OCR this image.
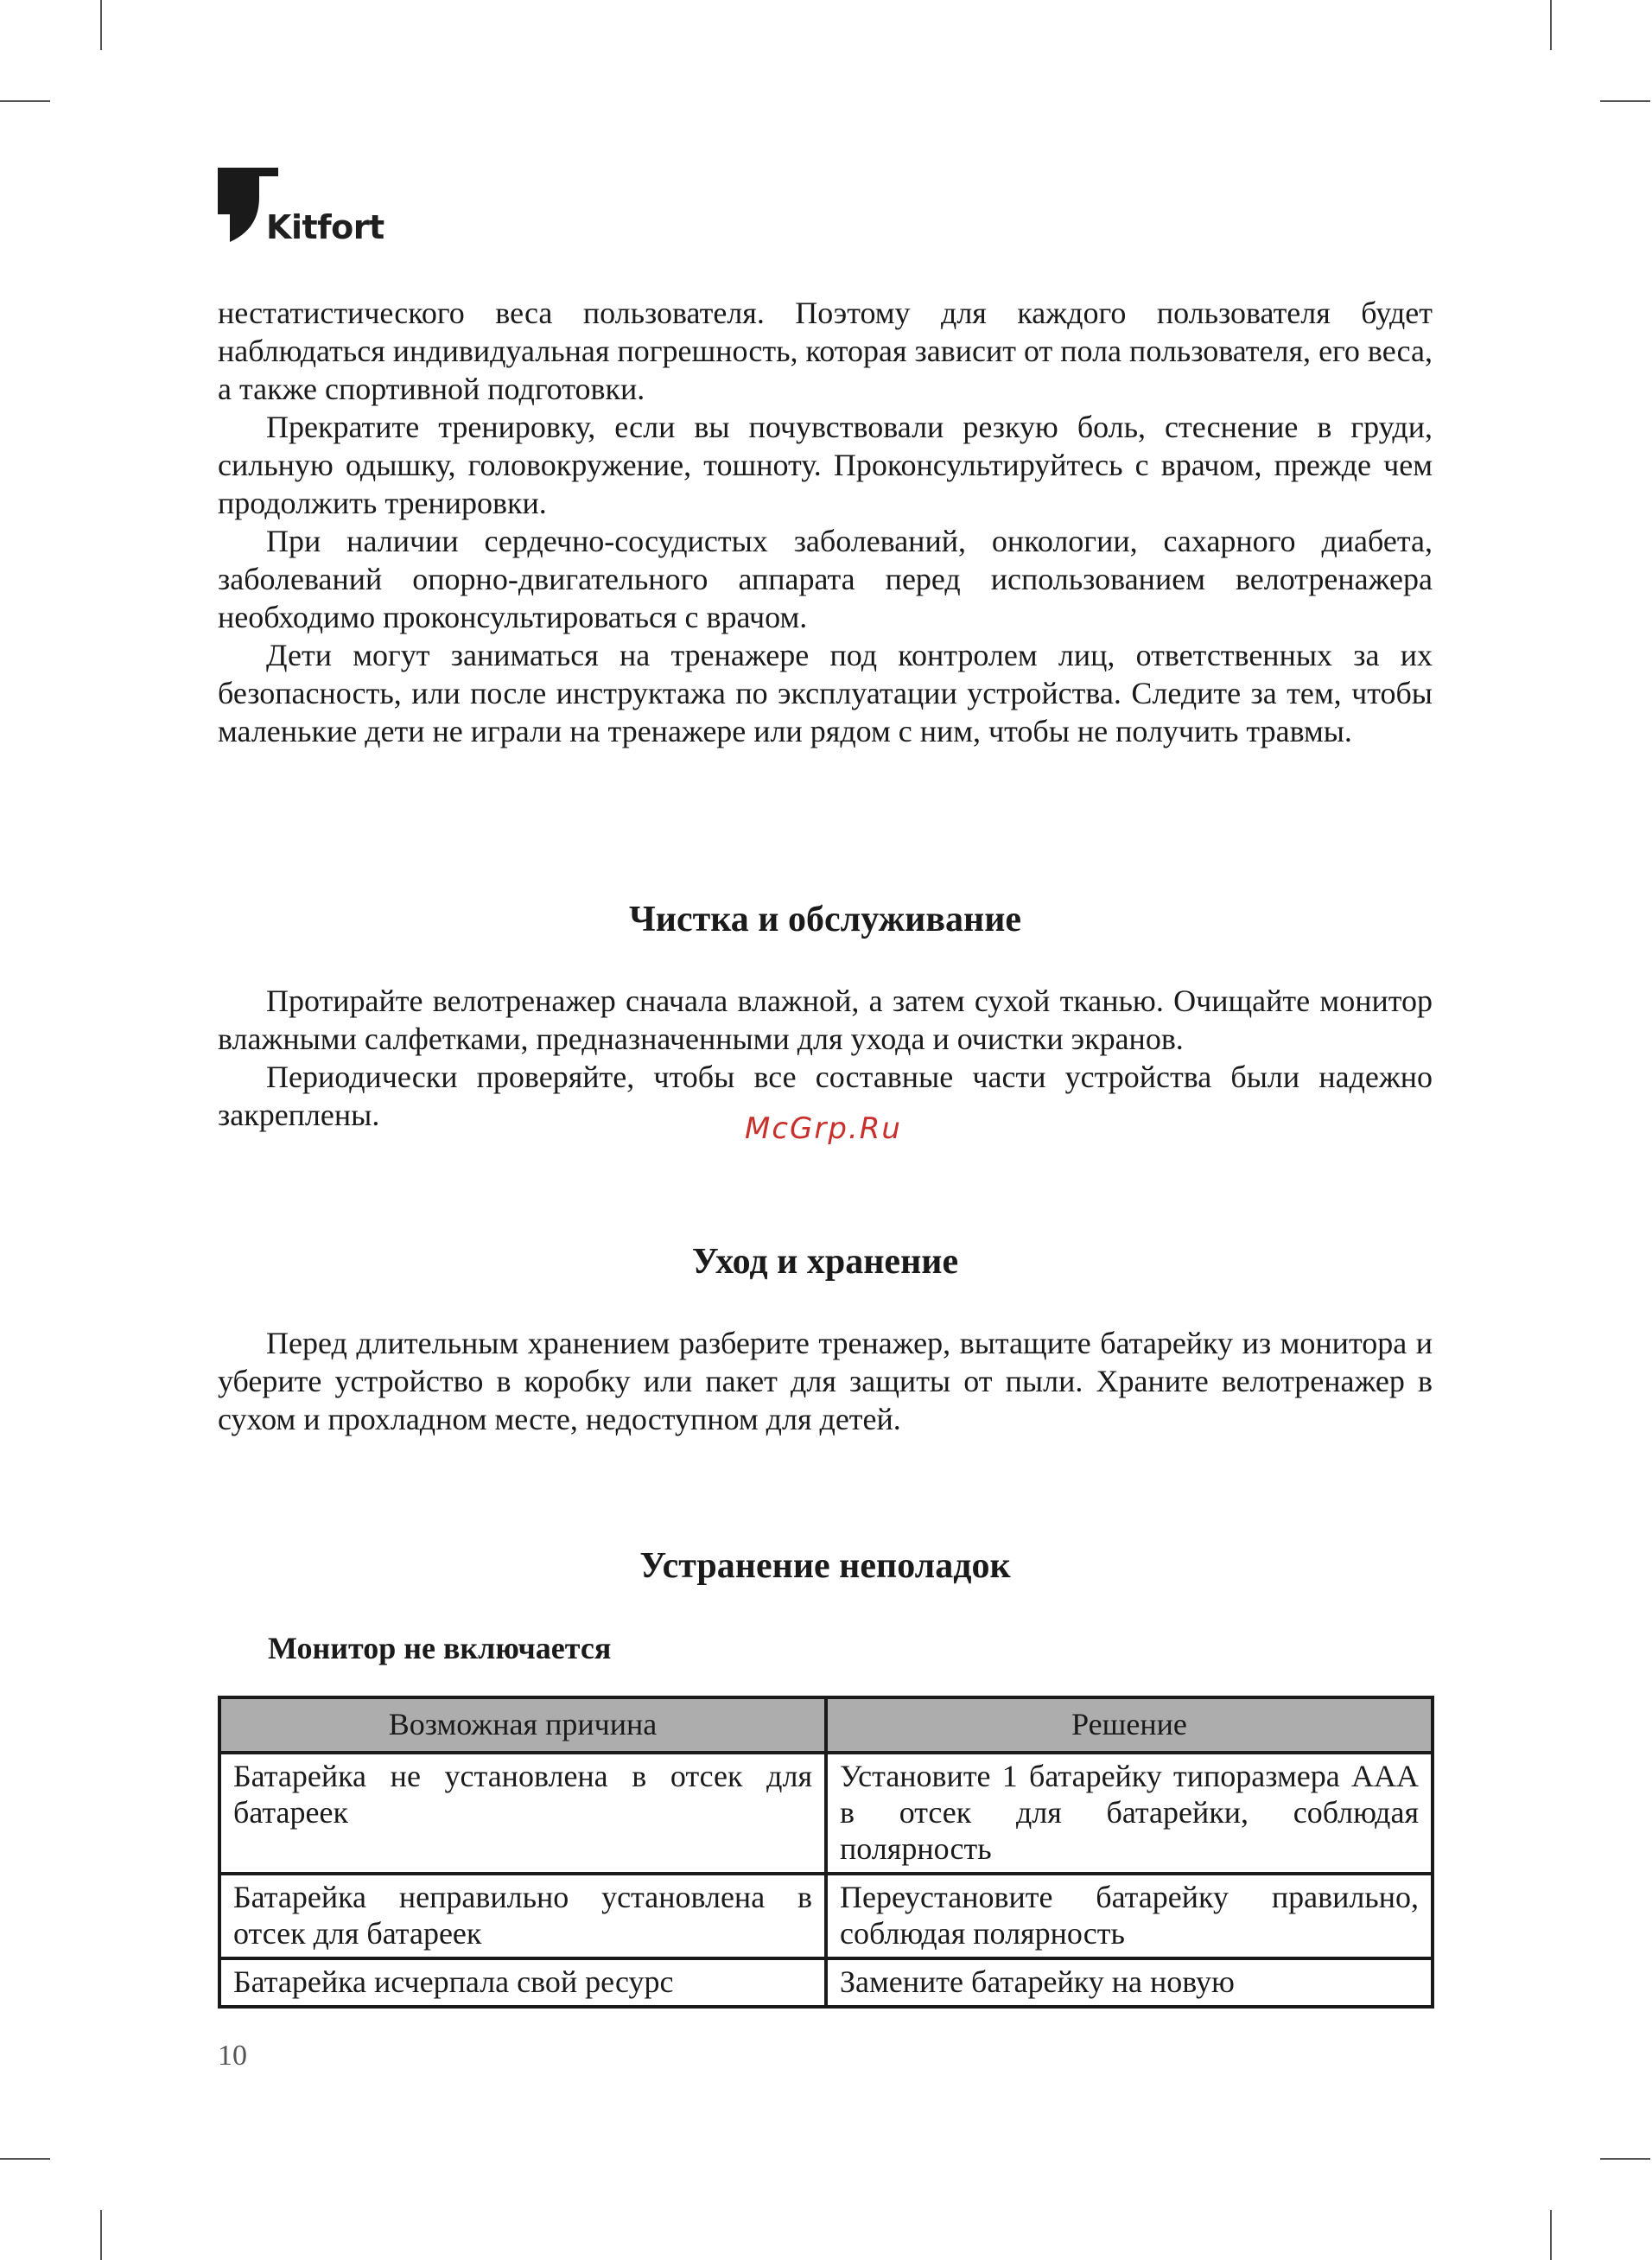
Kitfort

нестатистического веса пользователя. Поэтому для каждого пользователя будет наблюдаться индивидуальная погрешность, которая зависит от пола пользователя, его веса, а также спортивной подготовки.

Прекратите тренировку, если вы почувствовали резкую боль, стеснение в груди, сильную одышку, головокружение, тошноту. Проконсультируйтесь с врачом, прежде чем продолжить тренировки.

При наличии сердечно-сосудистых заболеваний, онкологии, сахарного диабета, заболеваний опорно-двигательного аппарата перед использованием велотренажера необходимо проконсультироваться с врачом.

Дети могут заниматься на тренажере под контролем лиц, ответственных за их безопасность, или после инструктажа по эксплуатации устройства. Следите за тем, чтобы маленькие дети не играли на тренажере или рядом с ним, чтобы не получить травмы.

Чистка и обслуживание

Протирайте велотренажер сначала влажной, а затем сухой тканью. Очищайте монитор влажными салфетками, предназначенными для ухода и очистки экранов.

Периодически проверяйте, чтобы все составные части устройства были надежно закреплены.	McGrp.Ru
Уход и хранение

Перед длительным хранением разберите тренажер, вытащите батарейку из монитора и уберите устройство в коробку или пакет для защиты от пыли. Храните велотренажер в сухом и прохладном месте, недоступном для детей.

Устранение неполадок
Монитор не включается
Возможная причина	Решение
Батарейка не установлена в отсек для батареек	Установите 1 батарейку типоразмера ААА в отсек для батарейки, соблюдая полярность
Батарейка неправильно установлена в отсек для батареек	Переустановите батарейку правильно, соблюдая полярность
Батарейка исчерпала свой ресурс	Замените батарейку на новую
10
